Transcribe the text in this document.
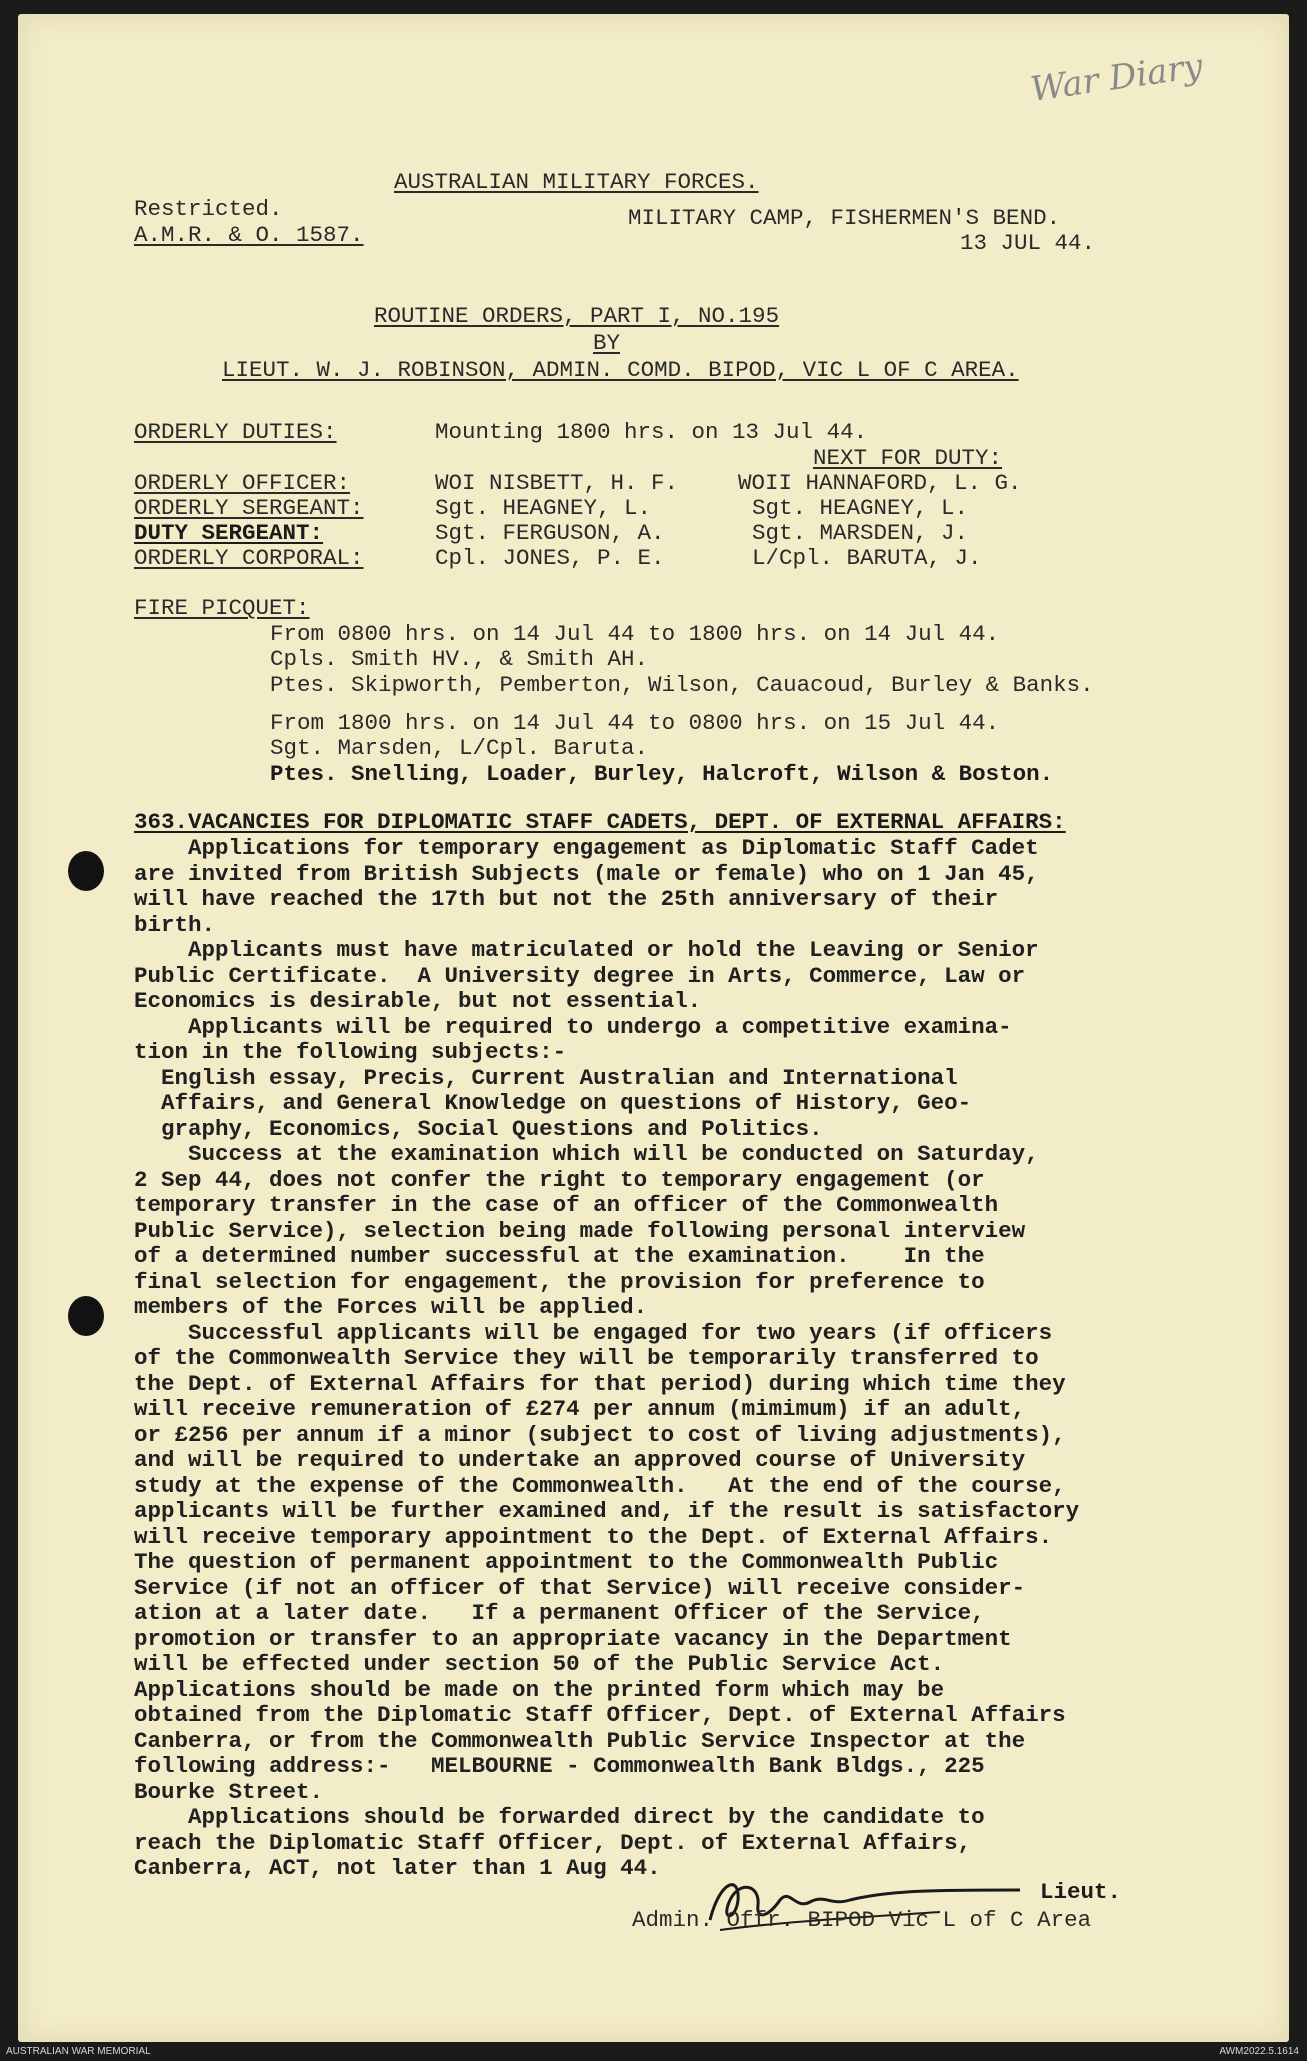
War Diary
AUSTRALIAN MILITARY FORCES.
Restricted.
A.M.R. & O. 1587.
MILITARY CAMP, FISHERMEN'S BEND.
13 JUL 44.
ROUTINE ORDERS, PART I, NO.195
BY
LIEUT. W. J. ROBINSON, ADMIN. COMD. BIPOD, VIC L OF C AREA.
ORDERLY DUTIES:	Mounting 1800 hrs. on 13 Jul 44.
NEXT FOR DUTY:
ORDERLY OFFICER:	WOI NISBETT, H. F.	WOII HANNAFORD, L. G.
ORDERLY SERGEANT:	Sgt. HEAGNEY, L.	Sgt. HEAGNEY, L.
DUTY SERGEANT:	Sgt. FERGUSON, A.	Sgt. MARSDEN, J.
ORDERLY CORPORAL:	Cpl. JONES, P. E.	L/Cpl. BARUTA, J.
FIRE PICQUET:
From 0800 hrs. on 14 Jul 44 to 1800 hrs. on 14 Jul 44.
Cpls. Smith HV., & Smith AH.
Ptes. Skipworth, Pemberton, Wilson, Cauacoud, Burley & Banks.
From 1800 hrs. on 14 Jul 44 to 0800 hrs. on 15 Jul 44.
Sgt. Marsden, L/Cpl. Baruta.
Ptes. Snelling, Loader, Burley, Halcroft, Wilson & Boston.
363.VACANCIES FOR DIPLOMATIC STAFF CADETS, DEPT. OF EXTERNAL AFFAIRS:

Applications for temporary engagement as Diplomatic Staff Cadet

are invited from British Subjects (male or female) who on 1 Jan 45,

will have reached the 17th but not the 25th anniversary of their

birth.

Applicants must have matriculated or hold the Leaving or Senior

Public Certificate.  A University degree in Arts, Commerce, Law or

Economics is desirable, but not essential.

Applicants will be required to undergo a competitive examina-

tion in the following subjects:-

English essay, Precis, Current Australian and International

Affairs, and General Knowledge on questions of History, Geo-

graphy, Economics, Social Questions and Politics.

Success at the examination which will be conducted on Saturday,

2 Sep 44, does not confer the right to temporary engagement (or

temporary transfer in the case of an officer of the Commonwealth

Public Service), selection being made following personal interview

of a determined number successful at the examination.    In the

final selection for engagement, the provision for preference to

members of the Forces will be applied.

Successful applicants will be engaged for two years (if officers

of the Commonwealth Service they will be temporarily transferred to

the Dept. of External Affairs for that period) during which time they

will receive remuneration of £274 per annum (mimimum) if an adult,

or £256 per annum if a minor (subject to cost of living adjustments),

and will be required to undertake an approved course of University

study at the expense of the Commonwealth.   At the end of the course,

applicants will be further examined and, if the result is satisfactory

will receive temporary appointment to the Dept. of External Affairs.

The question of permanent appointment to the Commonwealth Public

Service (if not an officer of that Service) will receive consider-

ation at a later date.   If a permanent Officer of the Service,

promotion or transfer to an appropriate vacancy in the Department

will be effected under section 50 of the Public Service Act.

Applications should be made on the printed form which may be

obtained from the Diplomatic Staff Officer, Dept. of External Affairs

Canberra, or from the Commonwealth Public Service Inspector at the

following address:-   MELBOURNE - Commonwealth Bank Bldgs., 225

Bourke Street.

Applications should be forwarded direct by the candidate to

reach the Diplomatic Staff Officer, Dept. of External Affairs,

Canberra, ACT, not later than 1 Aug 44.

Lieut.
Admin. Offr. BIPOD Vic L of C Area
AUSTRALIAN WAR MEMORIAL	AWM2022.5.1614
